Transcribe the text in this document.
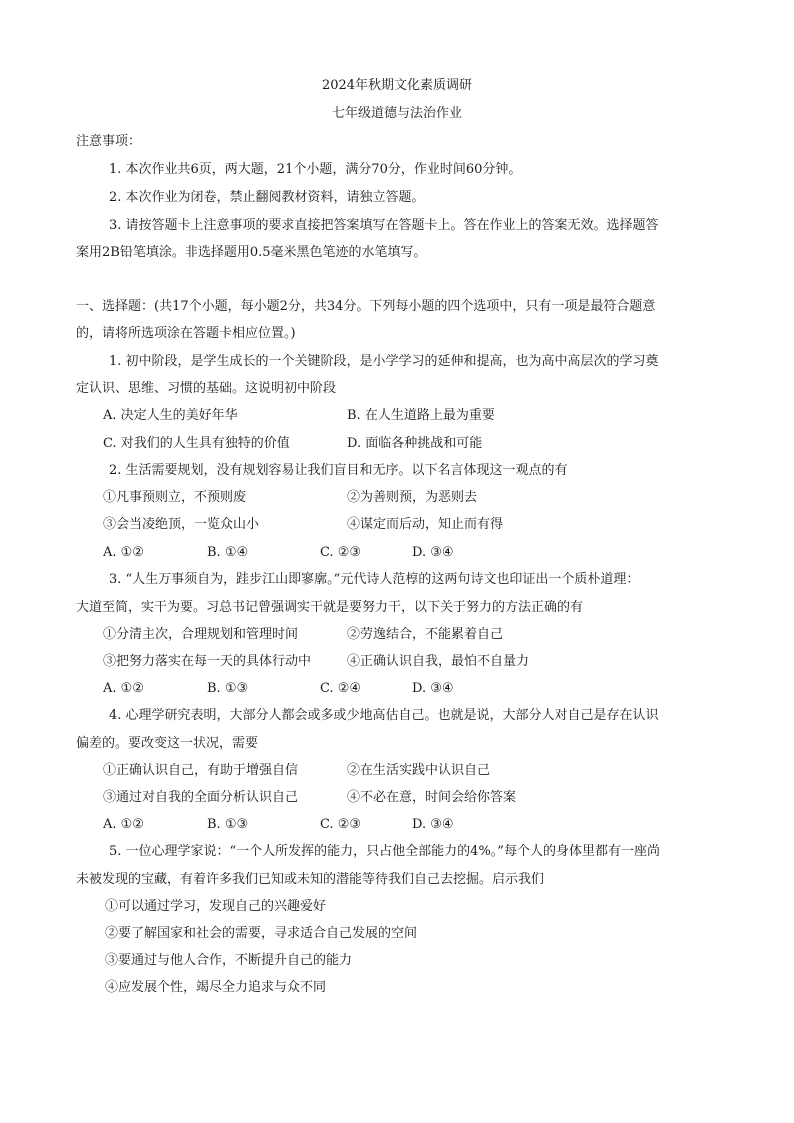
2024年秋期文化素质调研
七年级道德与法治作业
注意事项：
1. 本次作业共6页，两大题，21个小题，满分70分，作业时间60分钟。
2. 本次作业为闭卷，禁止翻阅教材资料，请独立答题。
3. 请按答题卡上注意事项的要求直接把答案填写在答题卡上。答在作业上的答案无效。选择题答
案用2B铅笔填涂。非选择题用0.5毫米黑色笔迹的水笔填写。
一、选择题：(共17个小题，每小题2分，共34分。下列每小题的四个选项中，只有一项是最符合题意
的，请将所选项涂在答题卡相应位置。)
1. 初中阶段，是学生成长的一个关键阶段，是小学学习的延伸和提高，也为高中高层次的学习奠
定认识、思维、习惯的基础。这说明初中阶段
A. 决定人生的美好年华	B. 在人生道路上最为重要
C. 对我们的人生具有独特的价值	D. 面临各种挑战和可能
2. 生活需要规划，没有规划容易让我们盲目和无序。以下名言体现这一观点的有
①凡事预则立，不预则废	②为善则预，为恶则去
③会当凌绝顶，一览众山小	④谋定而后动，知止而有得
A. ①②	B. ①④	C. ②③	D. ③④
3. “人生万事须自为，跬步江山即寥廓。”元代诗人范椁的这两句诗文也印证出一个质朴道理：
大道至简，实干为要。习总书记曾强调实干就是要努力干，以下关于努力的方法正确的有
①分清主次，合理规划和管理时间	②劳逸结合，不能累着自己
③把努力落实在每一天的具体行动中	④正确认识自我，最怕不自量力
A. ①②	B. ①③	C. ②④	D. ③④
4. 心理学研究表明，大部分人都会或多或少地高估自己。也就是说，大部分人对自己是存在认识
偏差的。要改变这一状况，需要
①正确认识自己，有助于增强自信	②在生活实践中认识自己
③通过对自我的全面分析认识自己	④不必在意，时间会给你答案
A. ①②	B. ①③	C. ②③	D. ③④
5. 一位心理学家说：“一个人所发挥的能力，只占他全部能力的4%。”每个人的身体里都有一座尚
未被发现的宝藏，有着许多我们已知或未知的潜能等待我们自己去挖掘。启示我们
①可以通过学习，发现自己的兴趣爱好
②要了解国家和社会的需要，寻求适合自己发展的空间
③要通过与他人合作，不断提升自己的能力
④应发展个性，竭尽全力追求与众不同
